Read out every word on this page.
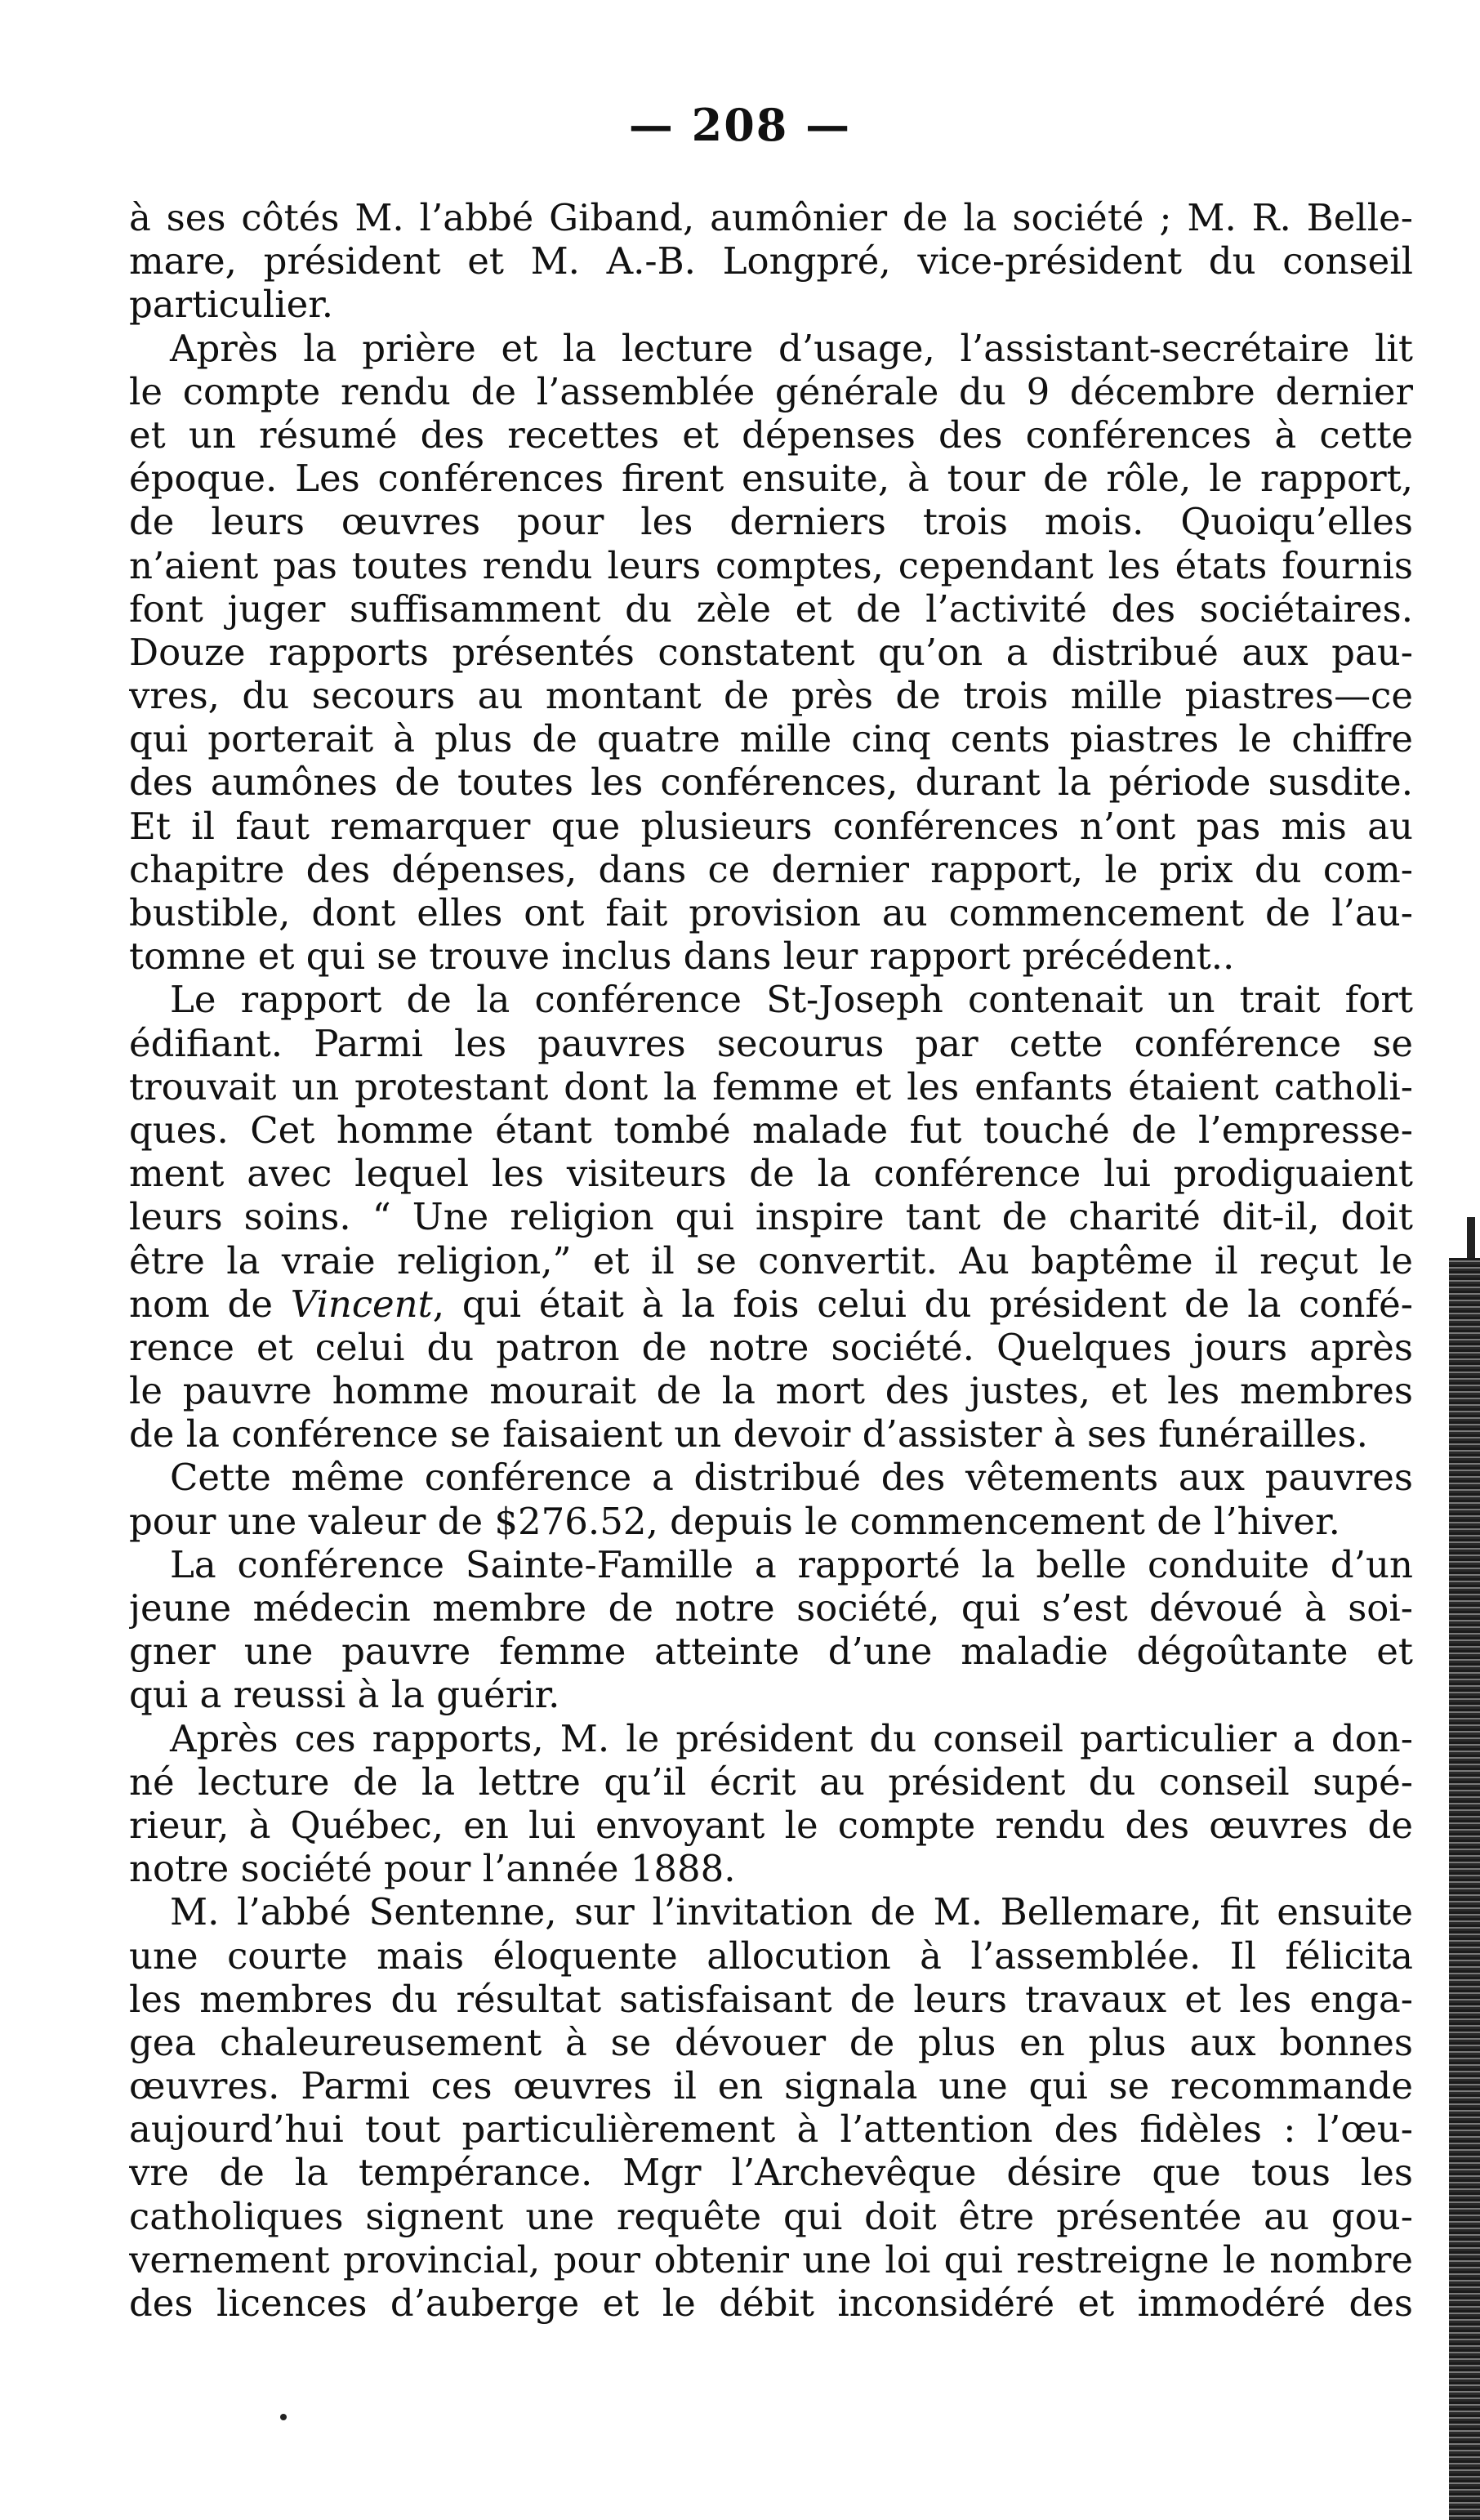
— 208 —
à ses côtés M. l’abbé Giband, aumônier de la société ; M. R. Belle-
mare, président et M. A.-B. Longpré, vice-président du conseil
particulier.
Après la prière et la lecture d’usage, l’assistant-secrétaire lit
le compte rendu de l’assemblée générale du 9 décembre dernier
et un résumé des recettes et dépenses des conférences à cette
époque. Les conférences firent ensuite, à tour de rôle, le rapport,
de leurs œuvres pour les derniers trois mois. Quoiqu’elles
n’aient pas toutes rendu leurs comptes, cependant les états fournis
font juger suffisamment du zèle et de l’activité des sociétaires.
Douze rapports présentés constatent qu’on a distribué aux pau-
vres, du secours au montant de près de trois mille piastres—ce
qui porterait à plus de quatre mille cinq cents piastres le chiffre
des aumônes de toutes les conférences, durant la période susdite.
Et il faut remarquer que plusieurs conférences n’ont pas mis au
chapitre des dépenses, dans ce dernier rapport, le prix du com-
bustible, dont elles ont fait provision au commencement de l’au-
tomne et qui se trouve inclus dans leur rapport précédent..
Le rapport de la conférence St-Joseph contenait un trait fort
édifiant. Parmi les pauvres secourus par cette conférence se
trouvait un protestant dont la femme et les enfants étaient catholi-
ques. Cet homme étant tombé malade fut touché de l’empresse-
ment avec lequel les visiteurs de la conférence lui prodiguaient
leurs soins. “ Une religion qui inspire tant de charité dit-il, doit
être la vraie religion,” et il se convertit. Au baptême il reçut le
nom de Vincent, qui était à la fois celui du président de la confé-
rence et celui du patron de notre société. Quelques jours après
le pauvre homme mourait de la mort des justes, et les membres
de la conférence se faisaient un devoir d’assister à ses funérailles.
Cette même conférence a distribué des vêtements aux pauvres
pour une valeur de $276.52, depuis le commencement de l’hiver.
La conférence Sainte-Famille a rapporté la belle conduite d’un
jeune médecin membre de notre société, qui s’est dévoué à soi-
gner une pauvre femme atteinte d’une maladie dégoûtante et
qui a reussi à la guérir.
Après ces rapports, M. le président du conseil particulier a don-
né lecture de la lettre qu’il écrit au président du conseil supé-
rieur, à Québec, en lui envoyant le compte rendu des œuvres de
notre société pour l’année 1888.
M. l’abbé Sentenne, sur l’invitation de M. Bellemare, fit ensuite
une courte mais éloquente allocution à l’assemblée. Il félicita
les membres du résultat satisfaisant de leurs travaux et les enga-
gea chaleureusement à se dévouer de plus en plus aux bonnes
œuvres. Parmi ces œuvres il en signala une qui se recommande
aujourd’hui tout particulièrement à l’attention des fidèles : l’œu-
vre de la tempérance. Mgr l’Archevêque désire que tous les
catholiques signent une requête qui doit être présentée au gou-
vernement provincial, pour obtenir une loi qui restreigne le nombre
des licences d’auberge et le débit inconsidéré et immodéré des
